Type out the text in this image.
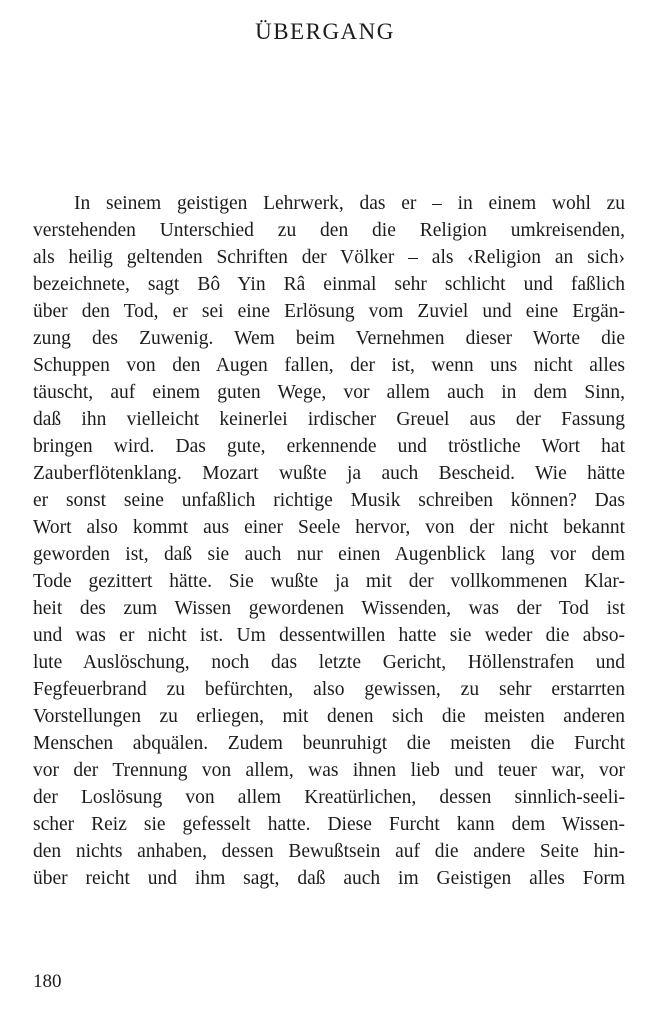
ÜBERGANG
In seinem geistigen Lehrwerk, das er – in einem wohl zu
verstehenden Unterschied zu den die Religion umkreisenden,
als heilig geltenden Schriften der Völker – als ‹Religion an sich›
bezeichnete, sagt Bô Yin Râ einmal sehr schlicht und faßlich
über den Tod, er sei eine Erlösung vom Zuviel und eine Ergän-
zung des Zuwenig. Wem beim Vernehmen dieser Worte die
Schuppen von den Augen fallen, der ist, wenn uns nicht alles
täuscht, auf einem guten Wege, vor allem auch in dem Sinn,
daß ihn vielleicht keinerlei irdischer Greuel aus der Fassung
bringen wird. Das gute, erkennende und tröstliche Wort hat
Zauberflötenklang. Mozart wußte ja auch Bescheid. Wie hätte
er sonst seine unfaßlich richtige Musik schreiben können? Das
Wort also kommt aus einer Seele hervor, von der nicht bekannt
geworden ist, daß sie auch nur einen Augenblick lang vor dem
Tode gezittert hätte. Sie wußte ja mit der vollkommenen Klar-
heit des zum Wissen gewordenen Wissenden, was der Tod ist
und was er nicht ist. Um dessentwillen hatte sie weder die abso-
lute Auslöschung, noch das letzte Gericht, Höllenstrafen und
Fegfeuerbrand zu befürchten, also gewissen, zu sehr erstarrten
Vorstellungen zu erliegen, mit denen sich die meisten anderen
Menschen abquälen. Zudem beunruhigt die meisten die Furcht
vor der Trennung von allem, was ihnen lieb und teuer war, vor
der Loslösung von allem Kreatürlichen, dessen sinnlich-seeli-
scher Reiz sie gefesselt hatte. Diese Furcht kann dem Wissen-
den nichts anhaben, dessen Bewußtsein auf die andere Seite hin-
über reicht und ihm sagt, daß auch im Geistigen alles Form
180
